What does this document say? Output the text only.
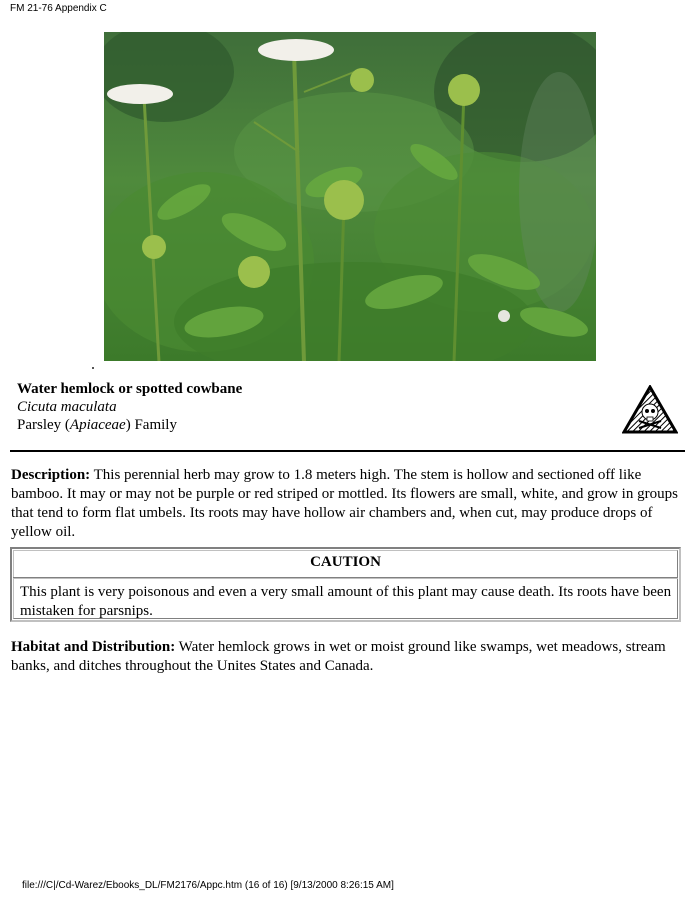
FM 21-76 Appendix C
Water hemlock or spotted cowbane
Cicuta maculata
Parsley (Apiaceae) Family
Description: This perennial herb may grow to 1.8 meters high. The stem is hollow and sectioned off like bamboo. It may or may not be purple or red striped or mottled. Its flowers are small, white, and grow in groups that tend to form flat umbels. Its roots may have hollow air chambers and, when cut, may produce drops of yellow oil.
CAUTION
This plant is very poisonous and even a very small amount of this plant may cause death. Its roots have been mistaken for parsnips.
Habitat and Distribution: Water hemlock grows in wet or moist ground like swamps, wet meadows, stream banks, and ditches throughout the Unites States and Canada.
file:///C|/Cd-Warez/Ebooks_DL/FM2176/Appc.htm (16 of 16) [9/13/2000 8:26:15 AM]
